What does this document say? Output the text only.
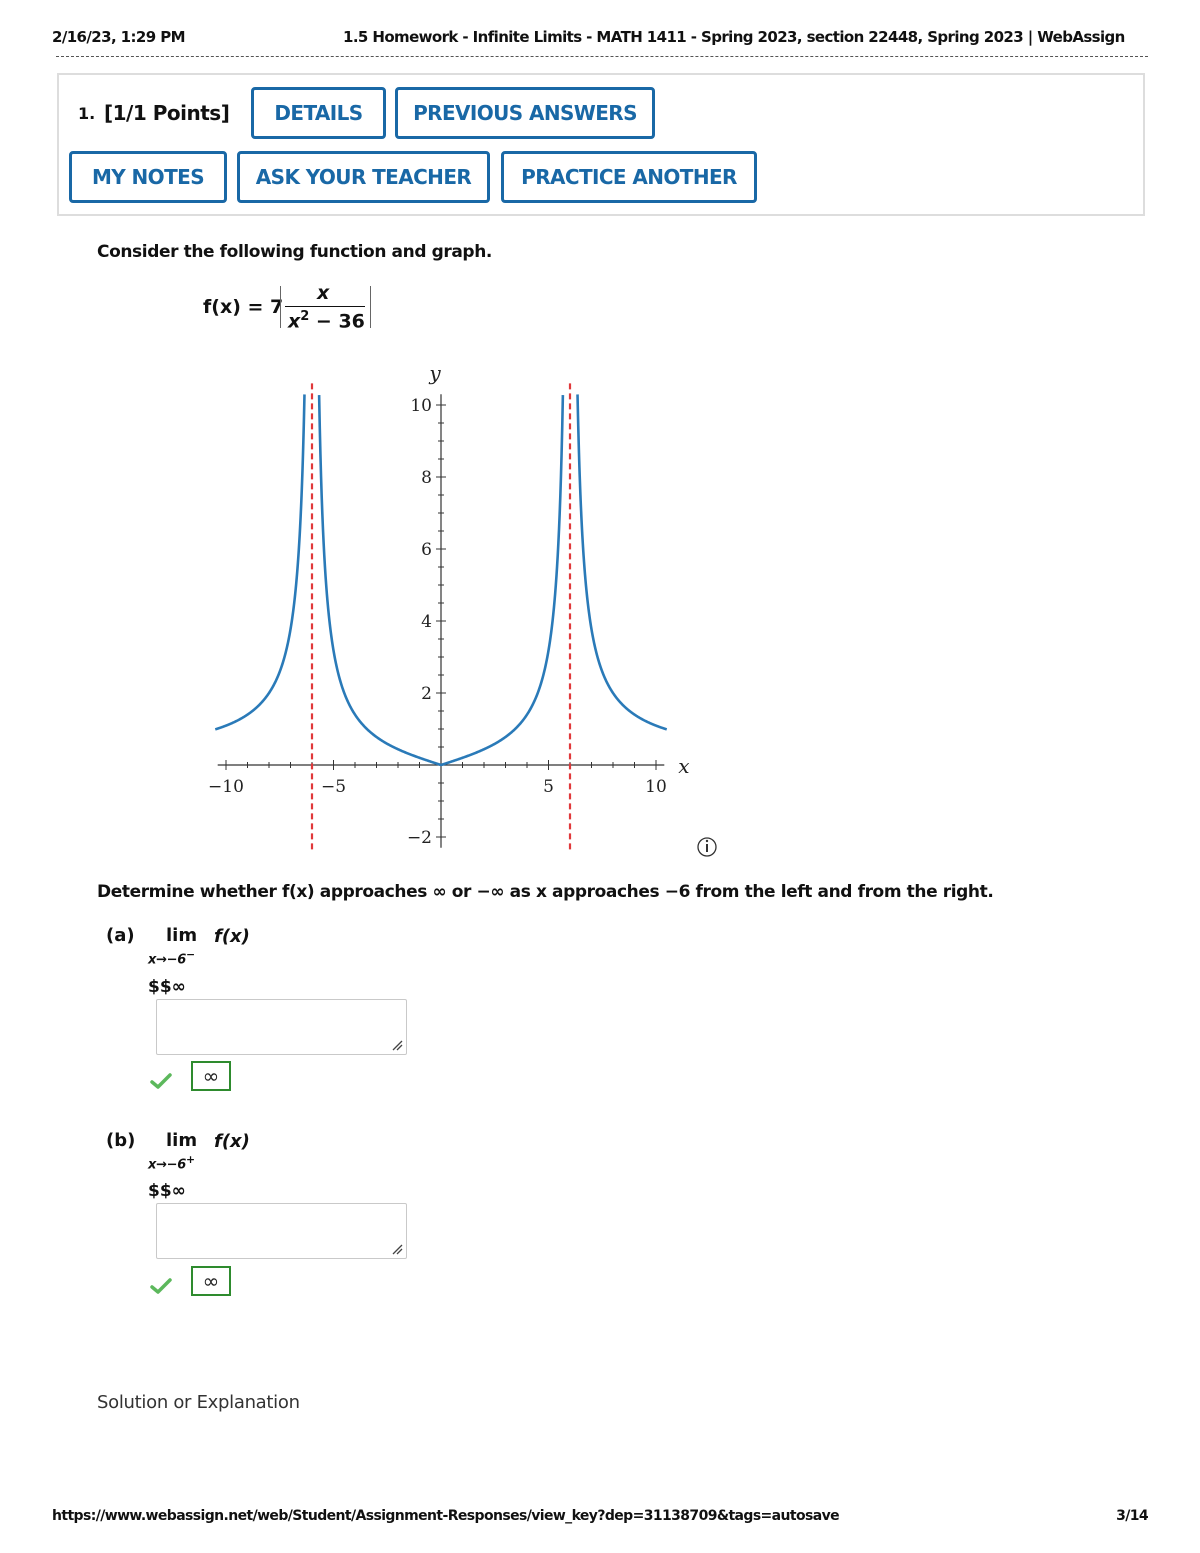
2/16/23, 1:29 PM	1.5 Homework - Infinite Limits - MATH 1411 - Spring 2023, section 22448, Spring 2023 | WebAssign
1. [1/1 Points]	DETAILS	PREVIOUS ANSWERS
MY NOTES	ASK YOUR TEACHER	PRACTICE ANOTHER
Consider the following function and graph.
f(x) = 7
x
$x^2 - 36$
−10	−5	5	10
−2
2
4
6
8
10
x
y
Determine whether f(x) approaches ∞ or −∞ as x approaches −6 from the left and from the right.
(a) lim
x→−6−
f(x)
$$∞
∞
(b) lim
x→−6+
f(x)
$$∞
∞
Solution or Explanation
https://www.webassign.net/web/Student/Assignment-Responses/view_key?dep=31138709&tags=autosave	3/14
